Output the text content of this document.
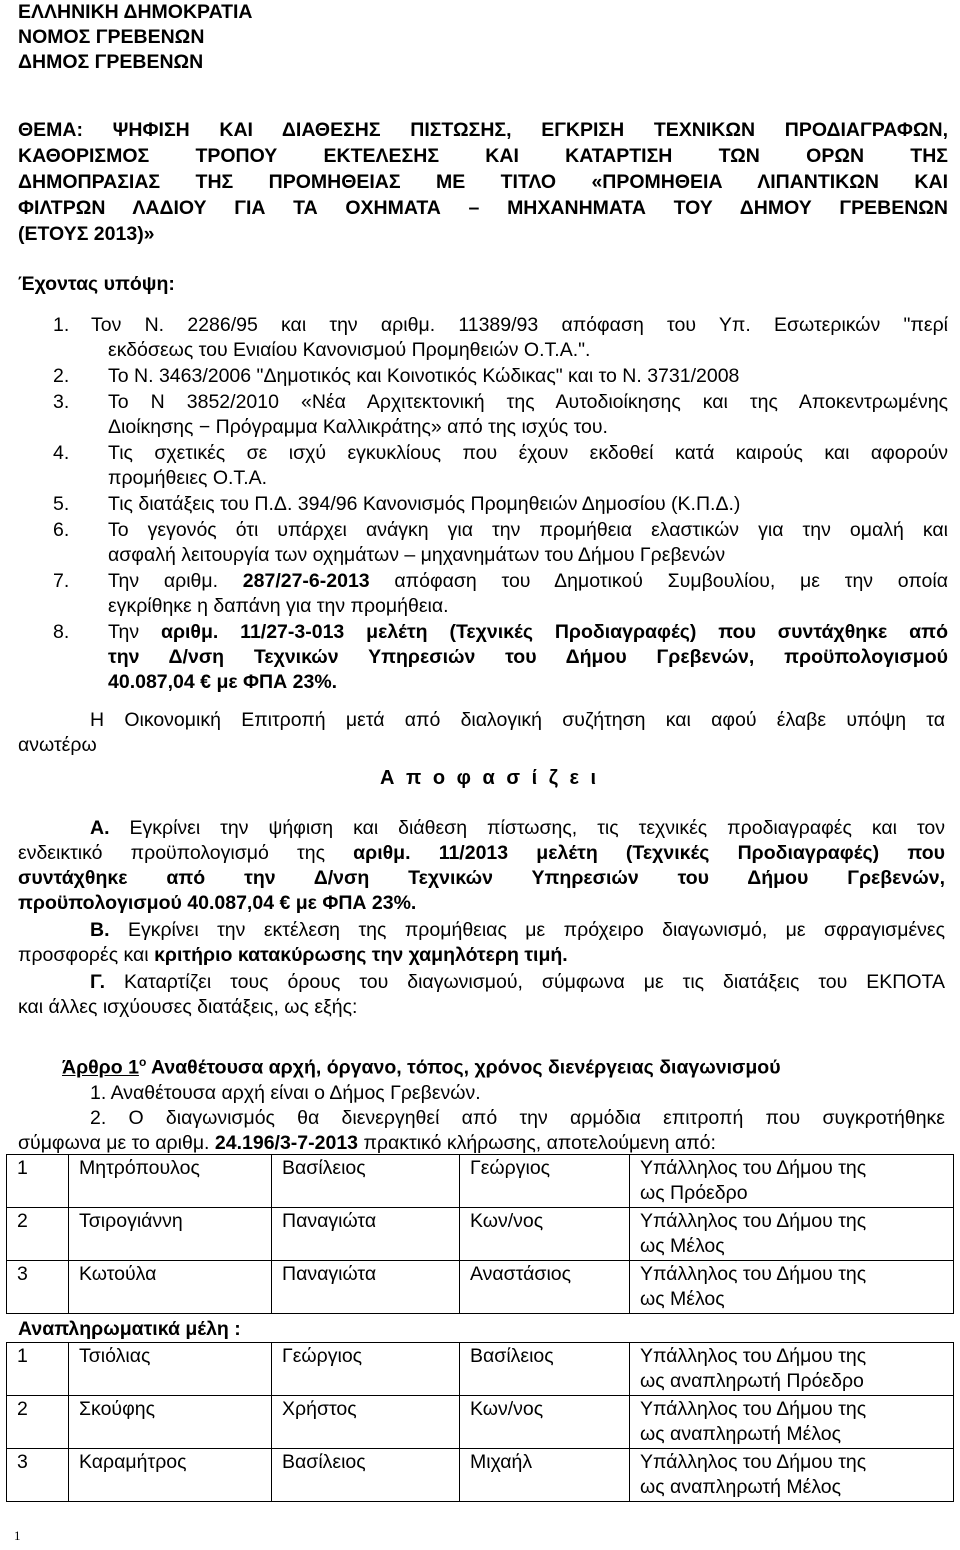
ΕΛΛΗΝΙΚΗ ΔΗΜΟΚΡΑΤΙΑ
ΝΟΜΟΣ ΓΡΕΒΕΝΩΝ
ΔΗΜΟΣ ΓΡΕΒΕΝΩΝ
ΘΕΜΑ: ΨΗΦΙΣΗ ΚΑΙ ΔΙΑΘΕΣΗΣ ΠΙΣΤΩΣΗΣ, ΕΓΚΡΙΣΗ ΤΕΧΝΙΚΩΝ ΠΡΟΔΙΑΓΡΑΦΩΝ,
ΚΑΘΟΡΙΣΜΟΣ ΤΡΟΠΟΥ ΕΚΤΕΛΕΣΗΣ ΚΑΙ ΚΑΤΑΡΤΙΣΗ ΤΩΝ ΟΡΩΝ ΤΗΣ
ΔΗΜΟΠΡΑΣΙΑΣ ΤΗΣ ΠΡΟΜΗΘΕΙΑΣ ΜΕ ΤΙΤΛΟ «ΠΡΟΜΗΘΕΙΑ ΛΙΠΑΝΤΙΚΩΝ ΚΑΙ
ΦΙΛΤΡΩΝ ΛΑΔΙΟΥ ΓΙΑ ΤΑ ΟΧΗΜΑΤΑ – ΜΗΧΑΝΗΜΑΤΑ ΤΟΥ ΔΗΜΟΥ ΓΡΕΒΕΝΩΝ
(ΕΤΟΥΣ 2013)»
Έχοντας υπόψη:
1. Τον Ν. 2286/95 και την αριθμ. 11389/93 απόφαση του Υπ. Εσωτερικών "περί
εκδόσεως του Ενιαίου Κανονισμού Προμηθειών Ο.Τ.Α.".
2. Το Ν. 3463/2006 "Δημοτικός και Κοινοτικός Κώδικας" και το Ν. 3731/2008
3. Το Ν 3852/2010 «Νέα Αρχιτεκτονική της Αυτοδιοίκησης και της Αποκεντρωμένης
Διοίκησης − Πρόγραμμα Καλλικράτης» από της ισχύς του.
4. Τις σχετικές σε ισχύ εγκυκλίους που έχουν εκδοθεί κατά καιρούς και αφορούν
προμήθειες Ο.Τ.Α.
5. Τις διατάξεις του Π.Δ. 394/96 Κανονισμός Προμηθειών Δημοσίου (Κ.Π.Δ.)
6. Το γεγονός ότι υπάρχει ανάγκη για την προμήθεια ελαστικών για την ομαλή και
ασφαλή λειτουργία των οχημάτων – μηχανημάτων του Δήμου Γρεβενών
7. Την αριθμ. 287/27-6-2013 απόφαση του Δημοτικού Συμβουλίου, με την οποία
εγκρίθηκε η δαπάνη για την προμήθεια.
8. Την αριθμ. 11/27-3-013 μελέτη (Τεχνικές Προδιαγραφές) που συντάχθηκε από
την Δ/νση Τεχνικών Υπηρεσιών του Δήμου Γρεβενών, προϋπολογισμού
40.087,04 € με ΦΠΑ 23%.
Η Οικονομική Επιτροπή μετά από διαλογική συζήτηση και αφού έλαβε υπόψη τα
ανωτέρω
Α π ο φ α σ ί ζ ε ι
Α. Εγκρίνει την ψήφιση και διάθεση πίστωσης, τις τεχνικές προδιαγραφές και τον
ενδεικτικό προϋπολογισμό της αριθμ. 11/2013 μελέτη (Τεχνικές Προδιαγραφές) που
συντάχθηκε από την Δ/νση Τεχνικών Υπηρεσιών του Δήμου Γρεβενών,
προϋπολογισμού 40.087,04 € με ΦΠΑ 23%.
Β. Εγκρίνει την εκτέλεση της προμήθειας με πρόχειρο διαγωνισμό, με σφραγισμένες
προσφορές και κριτήριο κατακύρωσης την χαμηλότερη τιμή.
Γ. Καταρτίζει τους όρους του διαγωνισμού, σύμφωνα με τις διατάξεις του ΕΚΠΟΤΑ
και άλλες ισχύουσες διατάξεις, ως εξής:
Άρθρο $1^o$ Αναθέτουσα αρχή, όργανο, τόπος, χρόνος διενέργειας διαγωνισμού
1. Αναθέτουσα αρχή είναι ο Δήμος Γρεβενών.
2. Ο διαγωνισμός θα διενεργηθεί από την αρμόδια επιτροπή που συγκροτήθηκε
σύμφωνα με το αριθμ. 24.196/3-7-2013 πρακτικό κλήρωσης, αποτελούμενη από:
1	Μητρόπουλος	Βασίλειος	Γεώργιος	Υπάλληλος του Δήμου της
ως Πρόεδρο

2	Τσιρογιάννη	Παναγιώτα	Κων/νος	Υπάλληλος του Δήμου της
ως Μέλος

3	Κωτούλα	Παναγιώτα	Αναστάσιος	Υπάλληλος του Δήμου της
ως Μέλος
Αναπληρωματικά μέλη :
1	Τσιόλιας	Γεώργιος	Βασίλειος	Υπάλληλος του Δήμου της
ως αναπληρωτή Πρόεδρο

2	Σκούφης	Χρήστος	Κων/νος	Υπάλληλος του Δήμου της
ως αναπληρωτή Μέλος

3	Καραμήτρος	Βασίλειος	Μιχαήλ	Υπάλληλος του Δήμου της
ως αναπληρωτή Μέλος
1
